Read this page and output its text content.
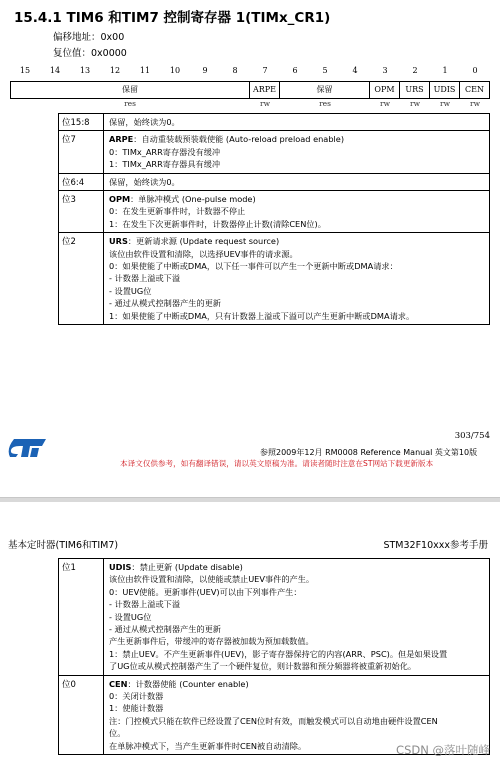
15.4.1 TIM6 和TIM7 控制寄存器 1(TIMx_CR1)
偏移地址：0x00
复位值：0x0000
15	14	13	12	11	10	9	8	7	6	5	4	3	2	1	0
保留	ARPE	保留	OPM	URS	UDIS	CEN
res	rw	res	rw	rw	rw	rw
位15:8	保留，始终读为0。
位7	ARPE：自动重装载预装载使能 (Auto-reload preload enable)
0：TIMx_ARR寄存器没有缓冲
1：TIMx_ARR寄存器具有缓冲
位6:4	保留，始终读为0。
位3	OPM：单脉冲模式 (One-pulse mode)
0：在发生更新事件时，计数器不停止
1：在发生下次更新事件时，计数器停止计数(清除CEN位)。
位2	URS：更新请求源 (Update request source)
该位由软件设置和清除，以选择UEV事件的请求源。
0：如果使能了中断或DMA，以下任一事件可以产生一个更新中断或DMA请求：
- 计数器上溢或下溢
- 设置UG位
- 通过从模式控制器产生的更新
1：如果使能了中断或DMA，只有计数器上溢或下溢可以产生更新中断或DMA请求。
303/754
参照2009年12月 RM0008 Reference Manual 英文第10版
本译文仅供参考，如有翻译错误，请以英文原稿为准。请读者随时注意在ST网站下载更新版本
基本定时器(TIM6和TIM7)	STM32F10xxx参考手册
位1	UDIS：禁止更新 (Update disable)
该位由软件设置和清除，以使能或禁止UEV事件的产生。
0：UEV使能。更新事件(UEV)可以由下列事件产生：
- 计数器上溢或下溢
- 设置UG位
- 通过从模式控制器产生的更新
产生更新事件后，带缓冲的寄存器被加载为预加载数值。
1：禁止UEV。不产生更新事件(UEV)，影子寄存器保持它的内容(ARR、PSC)。但是如果设置
了UG位或从模式控制器产生了一个硬件复位，则计数器和预分频器将被重新初始化。
位0	CEN：计数器使能 (Counter enable)
0：关闭计数器
1：使能计数器
注：门控模式只能在软件已经设置了CEN位时有效，而触发模式可以自动地由硬件设置CEN
位。
在单脉冲模式下，当产生更新事件时CEN被自动清除。	CSDN @落叶随峰
